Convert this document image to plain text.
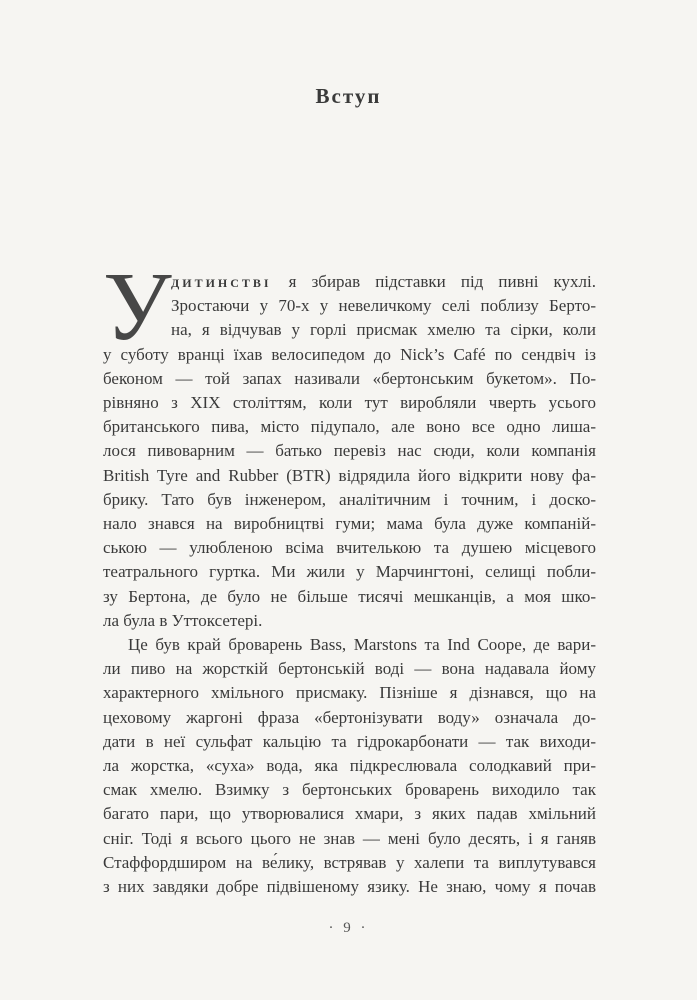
Вступ
У дитинстві я збирав підставки під пивні кухлі.
Зростаючи у 70-х у невеличкому селі поблизу Берто-
на, я відчував у горлі присмак хмелю та сірки, коли
у суботу вранці їхав велосипедом до Nick’s Café по сендвіч із
беконом — той запах називали «бертонським букетом». По-
рівняно з XIX століттям, коли тут виробляли чверть усього
британського пива, місто підупало, але воно все одно лиша-
лося пивоварним — батько перевіз нас сюди, коли компанія
British Tyre and Rubber (BTR) відрядила його відкрити нову фа-
брику. Тато був інженером, аналітичним і точним, і доско-
нало знався на виробництві гуми; мама була дуже компаній-
ською — улюбленою всіма вчителькою та душею місцевого
театрального гуртка. Ми жили у Марчингтоні, селищі побли-
зу Бертона, де було не більше тисячі мешканців, а моя шко-
ла була в Уттоксетері.
Це був край броварень Bass, Marstons та Ind Coope, де вари-
ли пиво на жорсткій бертонській воді — вона надавала йому
характерного хмільного присмаку. Пізніше я дізнався, що на
цеховому жаргоні фраза «бертонізувати воду» означала до-
дати в неї сульфат кальцію та гідрокарбонати — так виходи-
ла жорстка, «суха» вода, яка підкреслювала солодкавий при-
смак хмелю. Взимку з бертонських броварень виходило так
багато пари, що утворювалися хмари, з яких падав хмільний
сніг. Тоді я всього цього не знав — мені було десять, і я ганяв
Стаффордширом на ве́лику, встрявав у халепи та виплутувався
з них завдяки добре підвішеному язику. Не знаю, чому я почав
· 9 ·
